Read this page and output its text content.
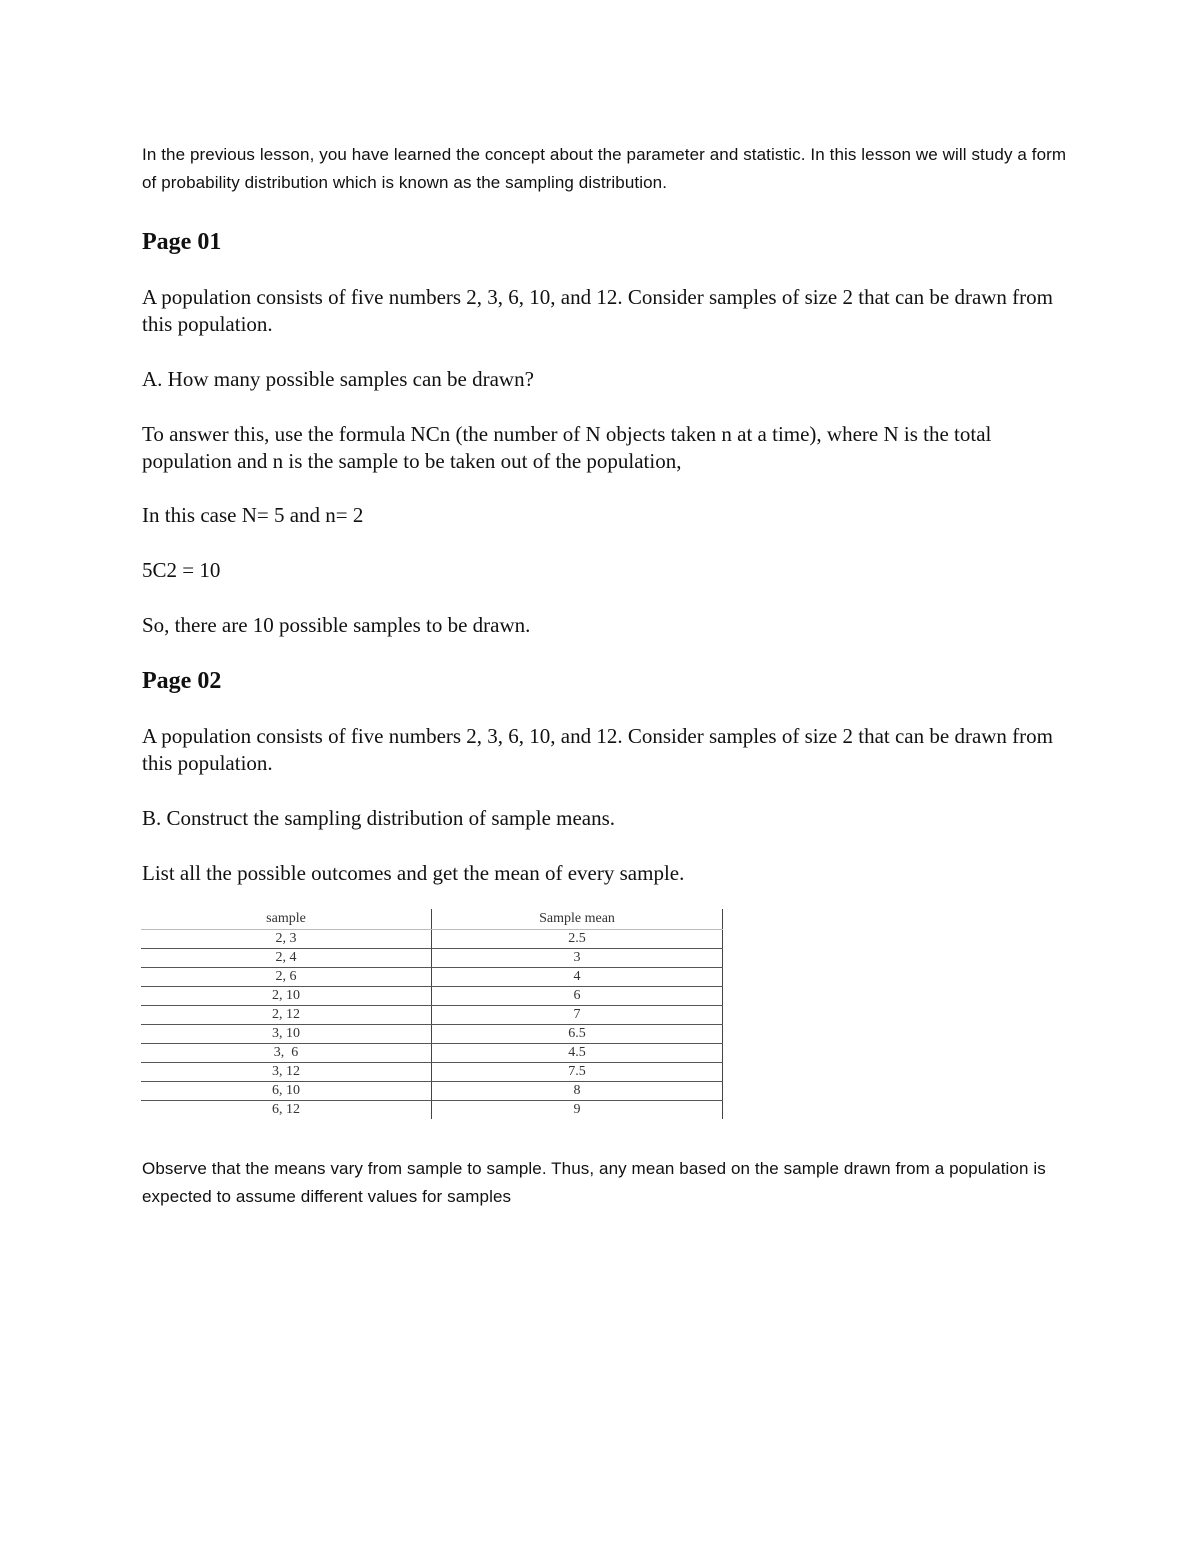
In the previous lesson, you have learned the concept about the parameter and statistic. In this lesson we will study a form of probability distribution which is known as the sampling distribution.

Page 01

A population consists of five numbers 2, 3, 6, 10, and 12. Consider samples of size 2 that can be drawn from this population.

A. How many possible samples can be drawn?

To answer this, use the formula NCn (the number of N objects taken n at a time), where N is the total population and n is the sample to be taken out of the population,

In this case N= 5 and n= 2

5C2 = 10

So, there are 10 possible samples to be drawn.

Page 02

A population consists of five numbers 2, 3, 6, 10, and 12. Consider samples of size 2 that can be drawn from this population.

B. Construct the sampling distribution of sample means.

List all the possible outcomes and get the mean of every sample.

sample	Sample mean
2, 3	2.5
2, 4	3
2, 6	4
2, 10	6
2, 12	7
3, 10	6.5
3,  6	4.5
3, 12	7.5
6, 10	8
6, 12	9

Observe that the means vary from sample to sample. Thus, any mean based on the sample drawn from a population is expected to assume different values for samples
